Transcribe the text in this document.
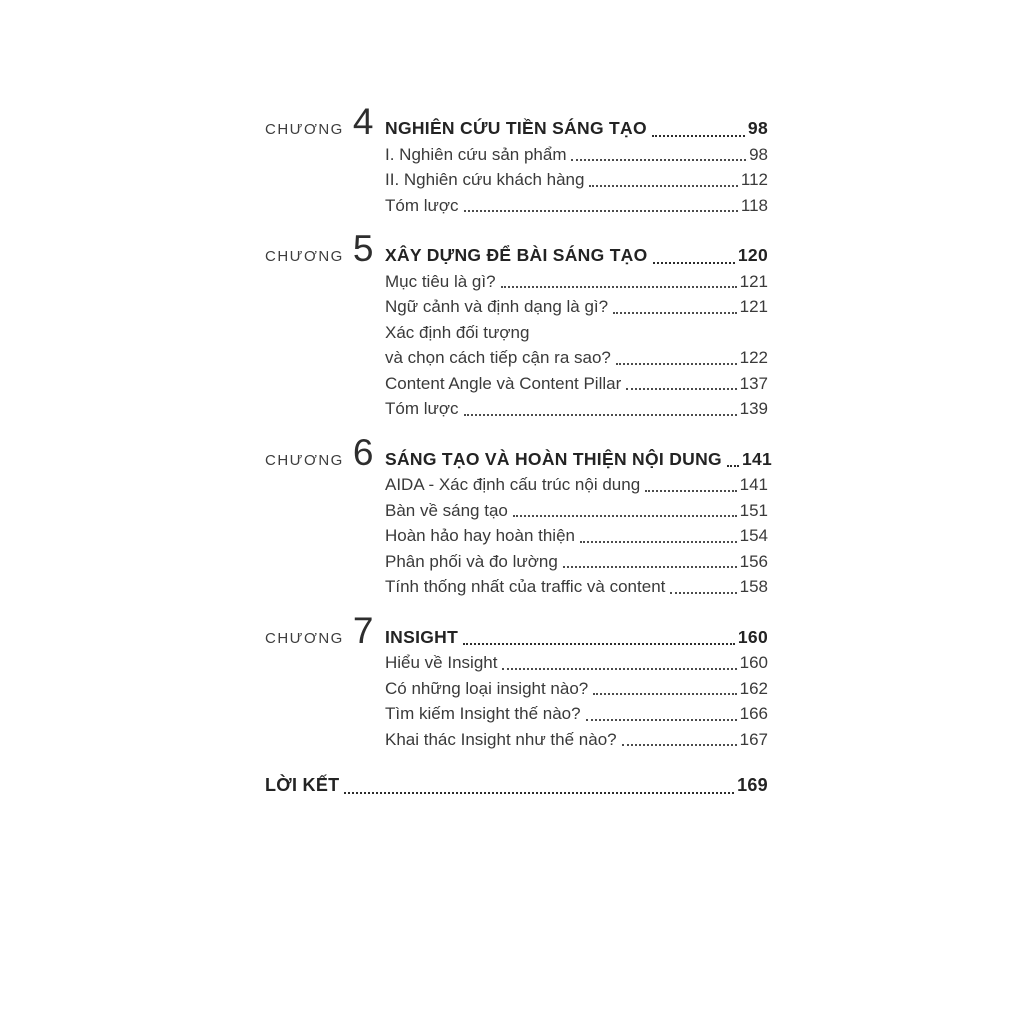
CHƯƠNG 4 NGHIÊN CỨU TIỀN SÁNG TẠO	98
I. Nghiên cứu sản phẩm	98
II. Nghiên cứu khách hàng	112
Tóm lược	118
CHƯƠNG 5 XÂY DỰNG ĐỂ BÀI SÁNG TẠO	120
Mục tiêu là gì?	121
Ngữ cảnh và định dạng là gì?	121
Xác định đối tượng
và chọn cách tiếp cận ra sao?	122
Content Angle và Content Pillar	137
Tóm lược	139
CHƯƠNG 6 SÁNG TẠO VÀ HOÀN THIỆN NỘI DUNG 141
AIDA - Xác định cấu trúc nội dung	141
Bàn về sáng tạo	151
Hoàn hảo hay hoàn thiện	154
Phân phối và đo lường	156
Tính thống nhất của traffic và content	158
CHƯƠNG 7 INSIGHT	160
Hiểu về Insight	160
Có những loại insight nào?	162
Tìm kiếm Insight thế nào?	166
Khai thác Insight như thế nào?	167
LỜI KẾT	169
